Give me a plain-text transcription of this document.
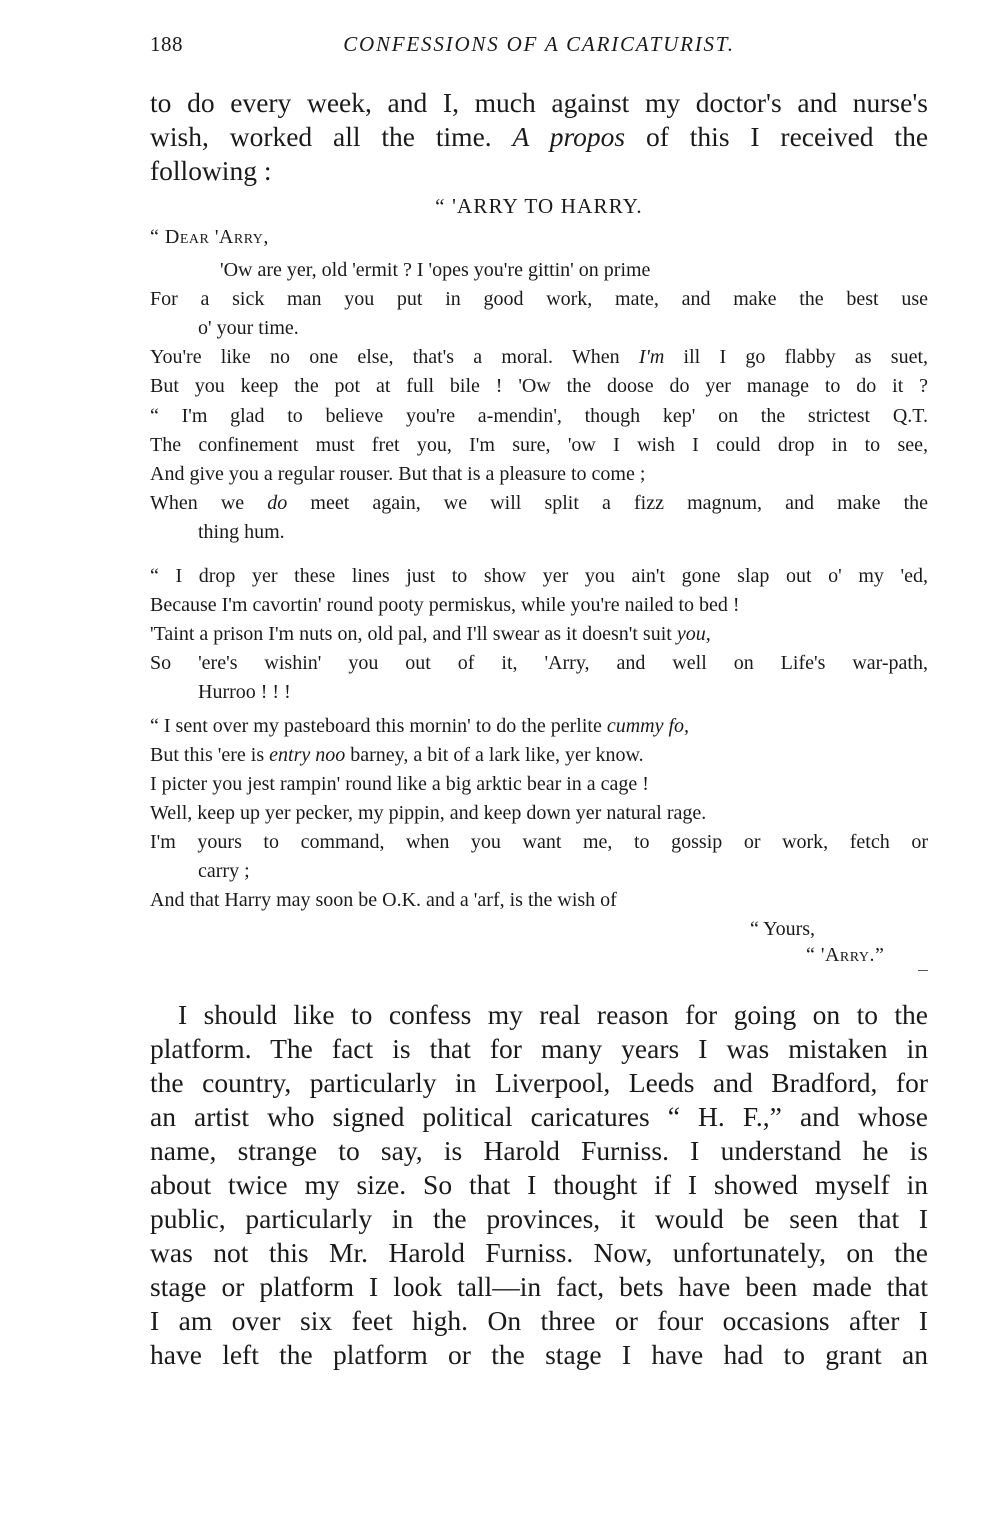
188	CONFESSIONS OF A CARICATURIST.
to do every week, and I, much against my doctor's and nurse's
wish, worked all the time. A propos of this I received the
following :
“ 'ARRY TO HARRY.
“ Dear 'Arry,
'Ow are yer, old 'ermit ? I 'opes you're gittin' on prime
For a sick man you put in good work, mate, and make the best use
o' your time.
You're like no one else, that's a moral. When I'm ill I go flabby as suet,
But you keep the pot at full bile ! 'Ow the doose do yer manage to do it ?
“ I'm glad to believe you're a-mendin', though kep' on the strictest Q.T.
The confinement must fret you, I'm sure, 'ow I wish I could drop in to see,
And give you a regular rouser. But that is a pleasure to come ;
When we do meet again, we will split a fizz magnum, and make the
thing hum.
“ I drop yer these lines just to show yer you ain't gone slap out o' my 'ed,
Because I'm cavortin' round pooty permiskus, while you're nailed to bed !
'Taint a prison I'm nuts on, old pal, and I'll swear as it doesn't suit you,
So 'ere's wishin' you out of it, 'Arry, and well on Life's war-path,
Hurroo ! ! !
“ I sent over my pasteboard this mornin' to do the perlite cummy fo,
But this 'ere is entry noo barney, a bit of a lark like, yer know.
I picter you jest rampin' round like a big arktic bear in a cage !
Well, keep up yer pecker, my pippin, and keep down yer natural rage.
I'm yours to command, when you want me, to gossip or work, fetch or
carry ;
And that Harry may soon be O.K. and a 'arf, is the wish of
“ Yours,
“ 'Arry.”
I should like to confess my real reason for going on to the
platform. The fact is that for many years I was mistaken in
the country, particularly in Liverpool, Leeds and Bradford, for
an artist who signed political caricatures “ H. F.,” and whose
name, strange to say, is Harold Furniss. I understand he is
about twice my size. So that I thought if I showed myself in
public, particularly in the provinces, it would be seen that I
was not this Mr. Harold Furniss. Now, unfortunately, on the
stage or platform I look tall—in fact, bets have been made that
I am over six feet high. On three or four occasions after I
have left the platform or the stage I have had to grant an
